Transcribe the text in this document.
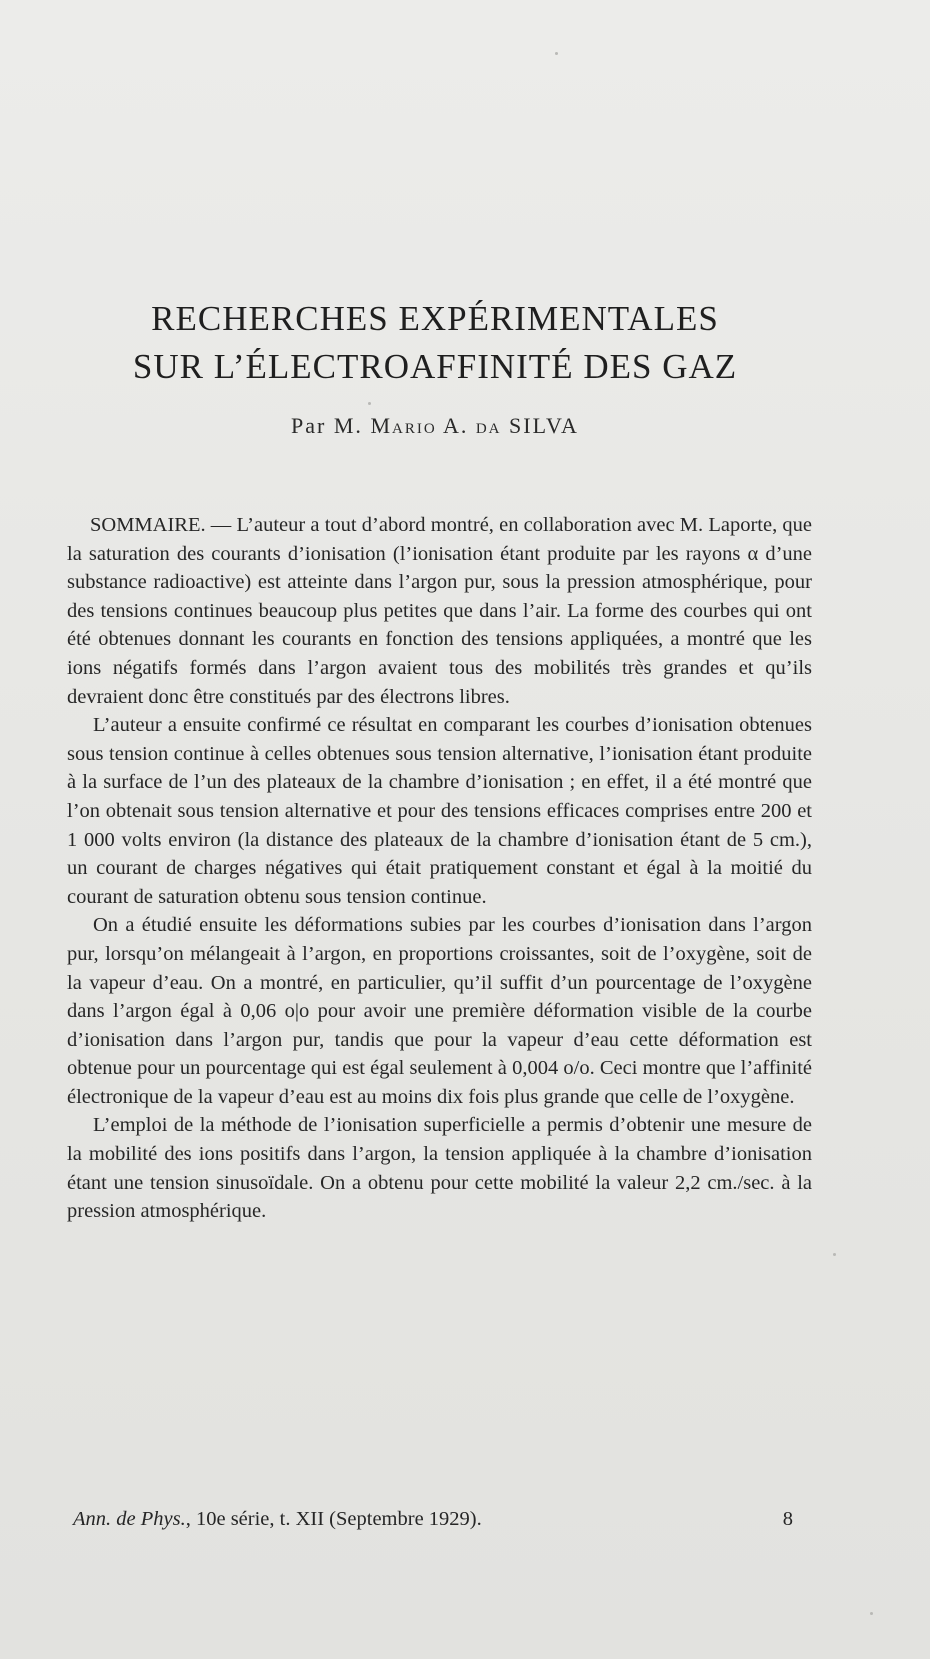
RECHERCHES EXPÉRIMENTALES
SUR L’ÉLECTROAFFINITÉ DES GAZ
Par M. Mario A. da SILVA

SOMMAIRE. — L’auteur a tout d’abord montré, en collaboration avec M. Laporte, que la saturation des courants d’ionisation (l’ionisation étant produite par les rayons α d’une substance radioactive) est atteinte dans l’argon pur, sous la pression atmosphérique, pour des tensions continues beaucoup plus petites que dans l’air. La forme des courbes qui ont été obtenues donnant les courants en fonction des tensions appliquées, a montré que les ions négatifs formés dans l’argon avaient tous des mobilités très grandes et qu’ils devraient donc être constitués par des électrons libres.

L’auteur a ensuite confirmé ce résultat en comparant les courbes d’ionisation obtenues sous tension continue à celles obtenues sous tension alternative, l’ionisation étant produite à la surface de l’un des plateaux de la chambre d’ionisation ; en effet, il a été montré que l’on obtenait sous tension alternative et pour des tensions efficaces comprises entre 200 et 1 000 volts environ (la distance des plateaux de la chambre d’ionisation étant de 5 cm.), un courant de charges négatives qui était pratiquement constant et égal à la moitié du courant de saturation obtenu sous tension continue.

On a étudié ensuite les déformations subies par les courbes d’ionisation dans l’argon pur, lorsqu’on mélangeait à l’argon, en proportions croissantes, soit de l’oxygène, soit de la vapeur d’eau. On a montré, en particulier, qu’il suffit d’un pourcentage de l’oxygène dans l’argon égal à 0,06 o|o pour avoir une première déformation visible de la courbe d’ionisation dans l’argon pur, tandis que pour la vapeur d’eau cette déformation est obtenue pour un pourcentage qui est égal seulement à 0,004 o/o. Ceci montre que l’affinité électronique de la vapeur d’eau est au moins dix fois plus grande que celle de l’oxygène.

L’emploi de la méthode de l’ionisation superficielle a permis d’obtenir une mesure de la mobilité des ions positifs dans l’argon, la tension appliquée à la chambre d’ionisation étant une tension sinusoïdale. On a obtenu pour cette mobilité la valeur 2,2 cm./sec. à la pression atmosphérique.

Ann. de Phys., 10e série, t. XII (Septembre 1929).	8
